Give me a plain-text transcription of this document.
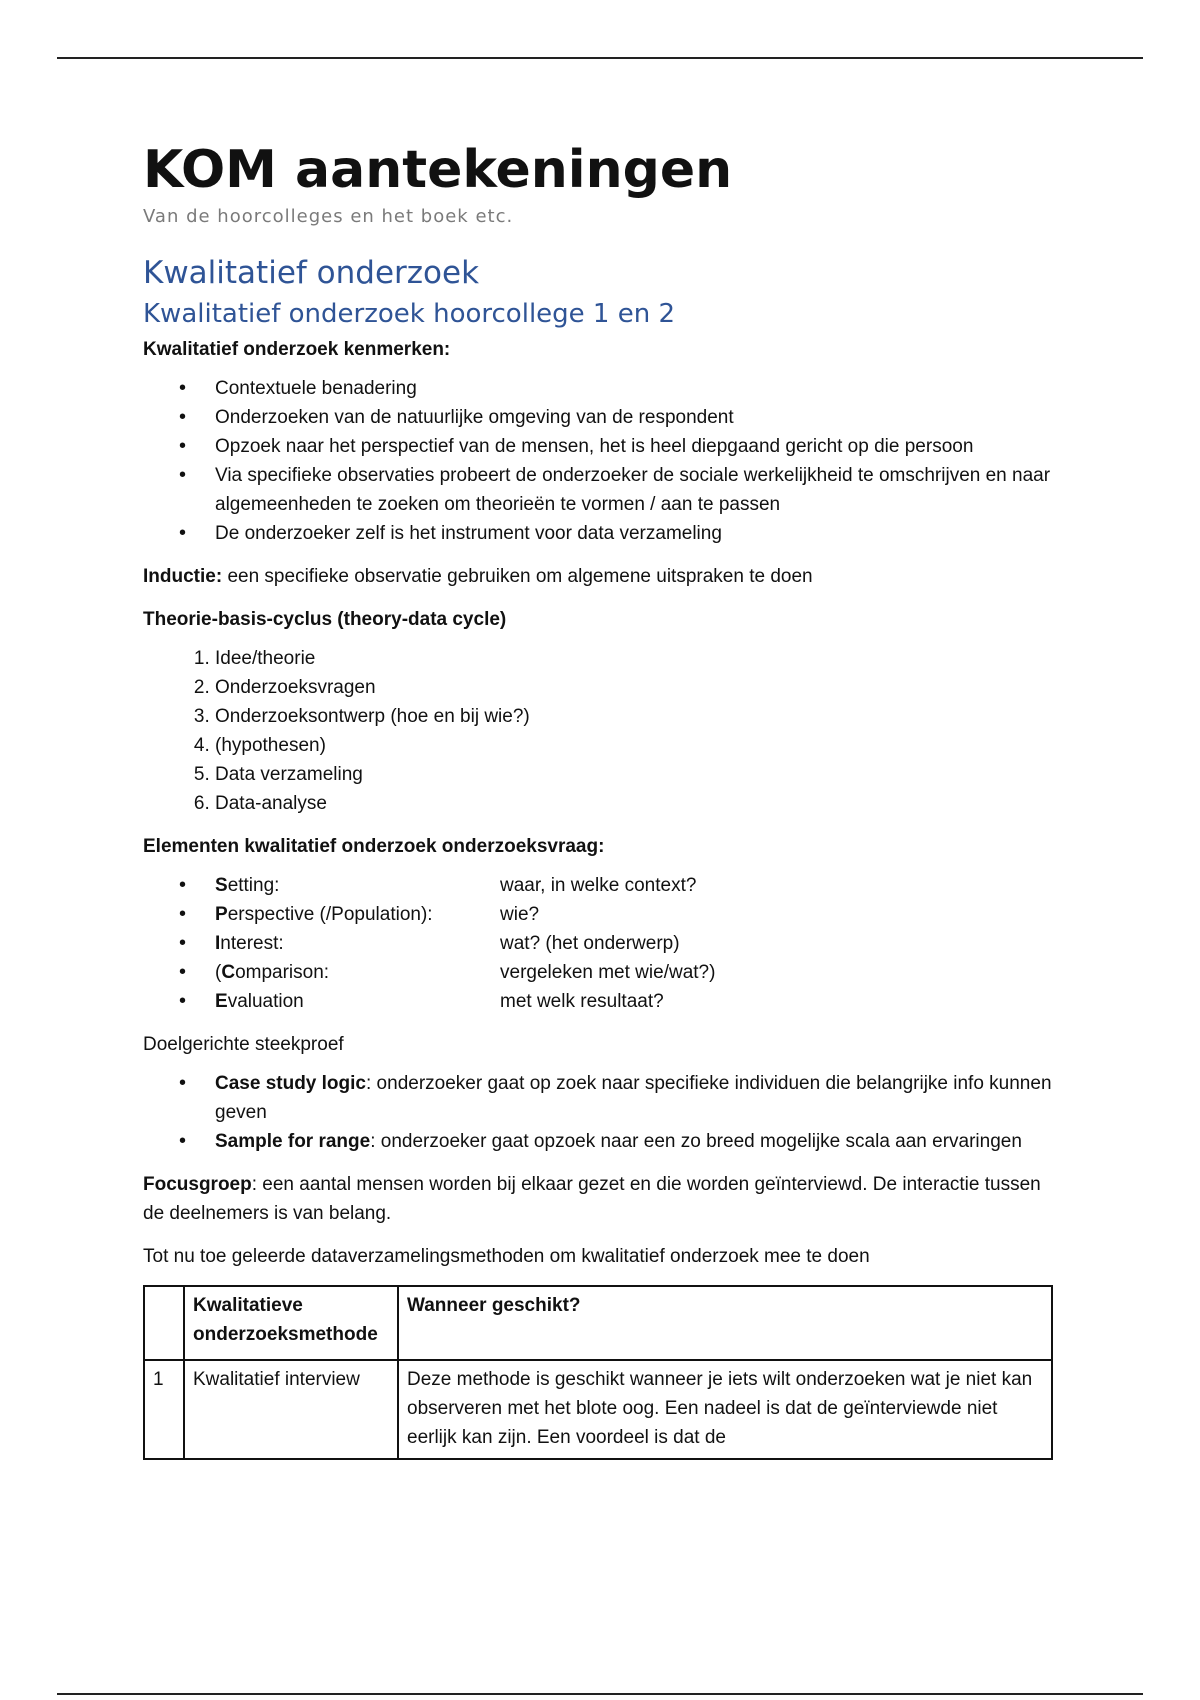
KOM aantekeningen
Van de hoorcolleges en het boek etc.
Kwalitatief onderzoek
Kwalitatief onderzoek hoorcollege 1 en 2
Kwalitatief onderzoek kenmerken:
• Contextuele benadering
• Onderzoeken van de natuurlijke omgeving van de respondent
• Opzoek naar het perspectief van de mensen, het is heel diepgaand gericht op die persoon
• Via specifieke observaties probeert de onderzoeker de sociale werkelijkheid te omschrijven en naar algemeenheden te zoeken om theorieën te vormen / aan te passen
• De onderzoeker zelf is het instrument voor data verzameling
Inductie: een specifieke observatie gebruiken om algemene uitspraken te doen
Theorie-basis-cyclus (theory-data cycle)
1. Idee/theorie
2. Onderzoeksvragen
3. Onderzoeksontwerp (hoe en bij wie?)
4. (hypothesen)
5. Data verzameling
6. Data-analyse
Elementen kwalitatief onderzoek onderzoeksvraag:
• Setting:	waar, in welke context?
• Perspective (/Population):	wie?
• Interest:	wat? (het onderwerp)
• (Comparison:	vergeleken met wie/wat?)
• Evaluation	met welk resultaat?
Doelgerichte steekproef
• Case study logic: onderzoeker gaat op zoek naar specifieke individuen die belangrijke info kunnen geven
• Sample for range: onderzoeker gaat opzoek naar een zo breed mogelijke scala aan ervaringen
Focusgroep: een aantal mensen worden bij elkaar gezet en die worden geïnterviewd. De interactie tussen de deelnemers is van belang.
Tot nu toe geleerde dataverzamelingsmethoden om kwalitatief onderzoek mee te doen
	Kwalitatieve onderzoeksmethode	Wanneer geschikt?
1	Kwalitatief interview	Deze methode is geschikt wanneer je iets wilt onderzoeken wat je niet kan observeren met het blote oog. Een nadeel is dat de geïnterviewde niet eerlijk kan zijn. Een voordeel is dat de
